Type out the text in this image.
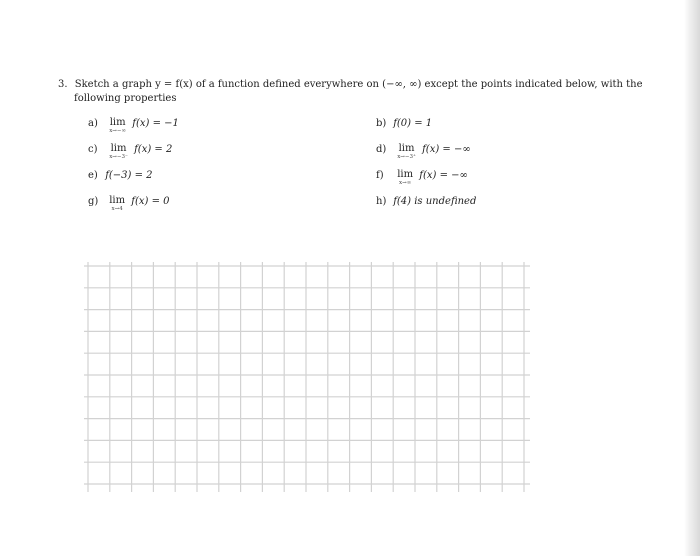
3. Sketch a graph y = f(x) of a function defined everywhere on (−∞, ∞) except the points indicated below, with the
following properties
a) lim
x→−∞
f(x) = −1
c) lim
x→−3⁻
f(x) = 2
e) f(−3) = 2
g) lim
x→4
f(x) = 0
b) f(0) = 1
d) lim
x→−3⁺
f(x) = −∞
f) lim
x→∞
f(x) = −∞
h) f(4) is undefined
